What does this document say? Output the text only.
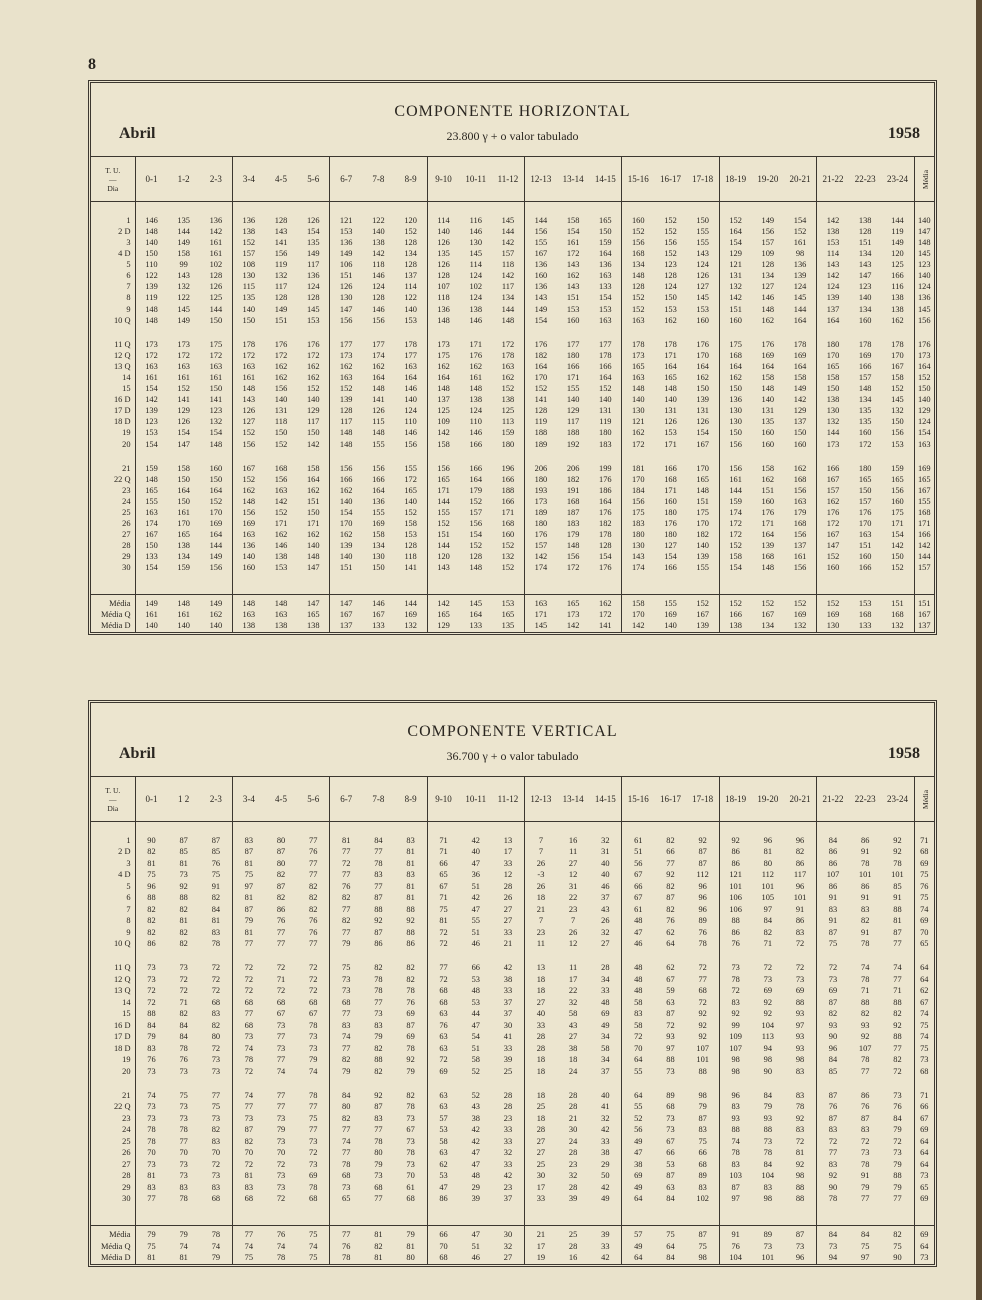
8
COMPONENTE HORIZONTAL
23.800 γ + o valor tabulado
Abril	1958
T. U.
—
Dia	0-1	1-2	2-3	3-4	4-5	5-6	6-7	7-8	8-9	9-10	10-11	11-12	12-13	13-14	14-15	15-16	16-17	17-18	18-19	19-20	20-21	21-22	22-23	23-24	Média

1	146	135	136	136	128	126	121	122	120	114	116	145	144	158	165	160	152	150	152	149	154	142	138	144	140
2 D	148	144	142	138	143	154	153	140	152	140	146	144	156	154	150	152	152	155	164	156	152	138	128	119	147
3	140	149	161	152	141	135	136	138	128	126	130	142	155	161	159	156	156	155	154	157	161	153	151	149	148
4 D	150	158	161	157	156	149	149	142	134	135	145	157	167	172	164	168	152	143	129	109	98	114	134	120	145
5	110	99	102	108	119	117	106	118	128	126	114	118	136	143	136	134	123	124	121	128	136	143	143	125	123
6	122	143	128	130	132	136	151	146	137	128	124	142	160	162	163	148	128	126	131	134	139	142	147	166	140
7	139	132	126	115	117	124	126	124	114	107	102	117	136	143	133	128	124	127	132	127	124	124	123	116	124
8	119	122	125	135	128	128	130	128	122	118	124	134	143	151	154	152	150	145	142	146	145	139	140	138	136
9	148	145	144	140	149	145	147	146	140	136	138	144	149	153	153	152	153	153	151	148	144	137	134	138	145
10 Q	148	149	150	150	151	153	156	156	153	148	146	148	154	160	163	163	162	160	160	162	164	164	160	162	156

11 Q	173	173	175	178	176	176	177	177	178	173	171	172	176	177	177	178	178	176	175	176	178	180	178	178	176
12 Q	172	172	172	172	172	172	173	174	177	175	176	178	182	180	178	173	171	170	168	169	169	170	169	170	173
13 Q	163	163	163	163	162	162	162	162	163	162	162	163	164	166	166	165	164	164	164	164	164	165	166	167	164
14	161	161	161	161	162	162	163	164	164	164	161	162	170	171	164	163	165	162	162	158	158	158	157	158	152
15	154	152	150	148	156	152	152	148	146	148	148	152	152	155	152	148	148	150	150	148	149	150	148	152	150
16 D	142	141	141	143	140	140	139	141	140	137	138	138	141	140	140	140	140	139	136	140	142	138	134	145	140
17 D	139	129	123	126	131	129	128	126	124	125	124	125	128	129	131	130	131	131	130	131	129	130	135	132	129
18 D	123	126	132	127	118	117	117	115	110	109	110	113	119	117	119	121	126	126	130	135	137	132	135	150	124
19	153	154	154	152	150	150	148	148	146	142	146	159	188	188	180	162	153	154	150	160	150	144	160	156	154
20	154	147	148	156	152	142	148	155	156	158	166	180	189	192	183	172	171	167	156	160	160	173	172	153	163

21	159	158	160	167	168	158	156	156	155	156	166	196	206	206	199	181	166	170	156	158	162	166	180	159	169
22 Q	148	150	150	152	156	164	166	166	172	165	164	166	180	182	176	170	168	165	161	162	168	167	165	165	165
23	165	164	164	162	163	162	162	164	165	171	179	188	193	191	186	184	171	148	144	151	156	157	150	156	167
24	155	150	152	148	142	151	140	136	140	144	152	166	173	168	164	156	160	151	159	160	163	162	157	160	155
25	163	161	170	156	152	150	154	155	152	155	157	171	189	187	176	175	180	175	174	176	179	176	176	175	168
26	174	170	169	169	171	171	170	169	158	152	156	168	180	183	182	183	176	170	172	171	168	172	170	171	171
27	167	165	164	163	162	162	162	158	153	151	154	160	176	179	178	180	180	182	172	164	156	167	163	154	166
28	150	138	144	136	146	140	139	134	128	144	152	152	157	148	128	130	127	140	152	139	137	147	151	142	142
29	133	134	149	140	138	148	140	130	118	120	128	132	142	156	154	143	154	139	158	168	161	152	160	150	144
30	154	159	156	160	153	147	151	150	141	143	148	152	174	172	176	174	166	155	154	148	156	160	166	152	157

Média	149	148	149	148	148	147	147	146	144	142	145	153	163	165	162	158	155	152	152	152	152	152	153	151	151
Média Q	161	161	162	163	163	165	167	167	169	165	164	165	171	173	172	170	169	167	166	167	169	169	168	168	167
Média D	140	140	140	138	138	138	137	133	132	129	133	135	145	142	141	142	140	139	138	134	132	130	133	132	137
COMPONENTE VERTICAL
36.700 γ + o valor tabulado
Abril	1958
T. U.
—
Dia	0-1	1 2	2-3	3-4	4-5	5-6	6-7	7-8	8-9	9-10	10-11	11-12	12-13	13-14	14-15	15-16	16-17	17-18	18-19	19-20	20-21	21-22	22-23	23-24	Média

1	90	87	87	83	80	77	81	84	83	71	42	13	7	16	32	61	82	92	92	96	96	84	86	92	71
2 D	82	85	85	87	87	76	77	77	81	71	40	17	7	11	31	51	66	87	86	81	82	86	91	92	68
3	81	81	76	81	80	77	72	78	81	66	47	33	26	27	40	56	77	87	86	80	86	86	78	78	69
4 D	75	73	75	75	82	77	77	83	83	65	36	12	-3	12	40	67	92	112	121	112	117	107	101	101	75
5	96	92	91	97	87	82	76	77	81	67	51	28	26	31	46	66	82	96	101	101	96	86	86	85	76
6	88	88	82	81	82	82	82	87	81	71	42	26	18	22	37	67	87	96	106	105	101	91	91	91	75
7	82	82	84	87	86	82	77	88	88	75	47	27	21	23	43	61	82	96	106	97	91	83	83	88	74
8	82	81	81	79	76	76	82	92	92	81	55	27	7	7	26	48	76	89	88	84	86	91	82	81	69
9	82	82	83	81	77	76	77	87	88	72	51	33	23	26	32	47	62	76	86	82	83	87	91	87	70
10 Q	86	82	78	77	77	77	79	86	86	72	46	21	11	12	27	46	64	78	76	71	72	75	78	77	65

11 Q	73	73	72	72	72	72	75	82	82	77	66	42	13	11	28	48	62	72	73	72	72	72	74	74	64
12 Q	73	72	72	72	71	72	73	78	82	72	53	38	18	17	34	48	67	77	78	73	73	73	78	77	64
13 Q	72	72	72	72	72	72	73	78	78	68	48	33	18	22	33	48	59	68	72	69	69	69	71	71	62
14	72	71	68	68	68	68	68	77	76	68	53	37	27	32	48	58	63	72	83	92	88	87	88	88	67
15	88	82	83	77	67	67	77	73	69	63	44	37	40	58	69	83	87	92	92	92	93	82	82	82	74
16 D	84	84	82	68	73	78	83	83	87	76	47	30	33	43	49	58	72	92	99	104	97	93	93	92	75
17 D	79	84	80	73	77	73	74	79	69	63	54	41	28	27	34	72	93	92	109	113	93	90	92	88	74
18 D	83	78	72	74	73	73	77	82	78	63	51	33	28	38	58	70	97	107	107	94	93	96	107	77	75
19	76	76	73	78	77	79	82	88	92	72	58	39	18	18	34	64	88	101	98	98	98	84	78	82	73
20	73	73	73	72	74	74	79	82	79	69	52	25	18	24	37	55	73	88	98	90	83	85	77	72	68

21	74	75	77	74	77	78	84	92	82	63	52	28	18	28	40	64	89	98	96	84	83	87	86	73	71
22 Q	73	73	75	77	77	77	80	87	78	63	43	28	25	28	41	55	68	79	83	79	78	76	76	76	66
23	73	73	73	73	73	75	82	83	73	57	38	23	18	21	32	52	73	87	93	93	92	87	87	84	67
24	78	78	82	87	79	77	77	77	67	53	42	33	28	30	42	56	73	83	88	88	83	83	83	79	69
25	78	77	83	82	73	73	74	78	73	58	42	33	27	24	33	49	67	75	74	73	72	72	72	72	64
26	70	70	70	70	70	72	77	80	78	63	47	32	27	28	38	47	66	66	78	78	81	77	73	73	64
27	73	73	72	72	72	73	78	79	73	62	47	33	25	23	29	38	53	68	83	84	92	83	78	79	64
28	81	73	73	81	73	69	68	73	70	53	48	42	30	32	50	69	87	89	103	104	98	92	91	88	73
29	83	83	83	83	73	78	73	68	61	47	29	23	17	28	42	49	63	83	87	83	88	90	79	79	65
30	77	78	68	68	72	68	65	77	68	86	39	37	33	39	49	64	84	102	97	98	88	78	77	77	69

Média	79	79	78	77	76	75	77	81	79	66	47	30	21	25	39	57	75	87	91	89	87	84	84	82	69
Média Q	75	74	74	74	74	74	76	82	81	70	51	32	17	28	33	49	64	75	76	73	73	73	75	75	64
Média D	81	81	79	75	78	75	78	81	80	68	46	27	19	16	42	64	84	98	104	101	96	94	97	90	73
